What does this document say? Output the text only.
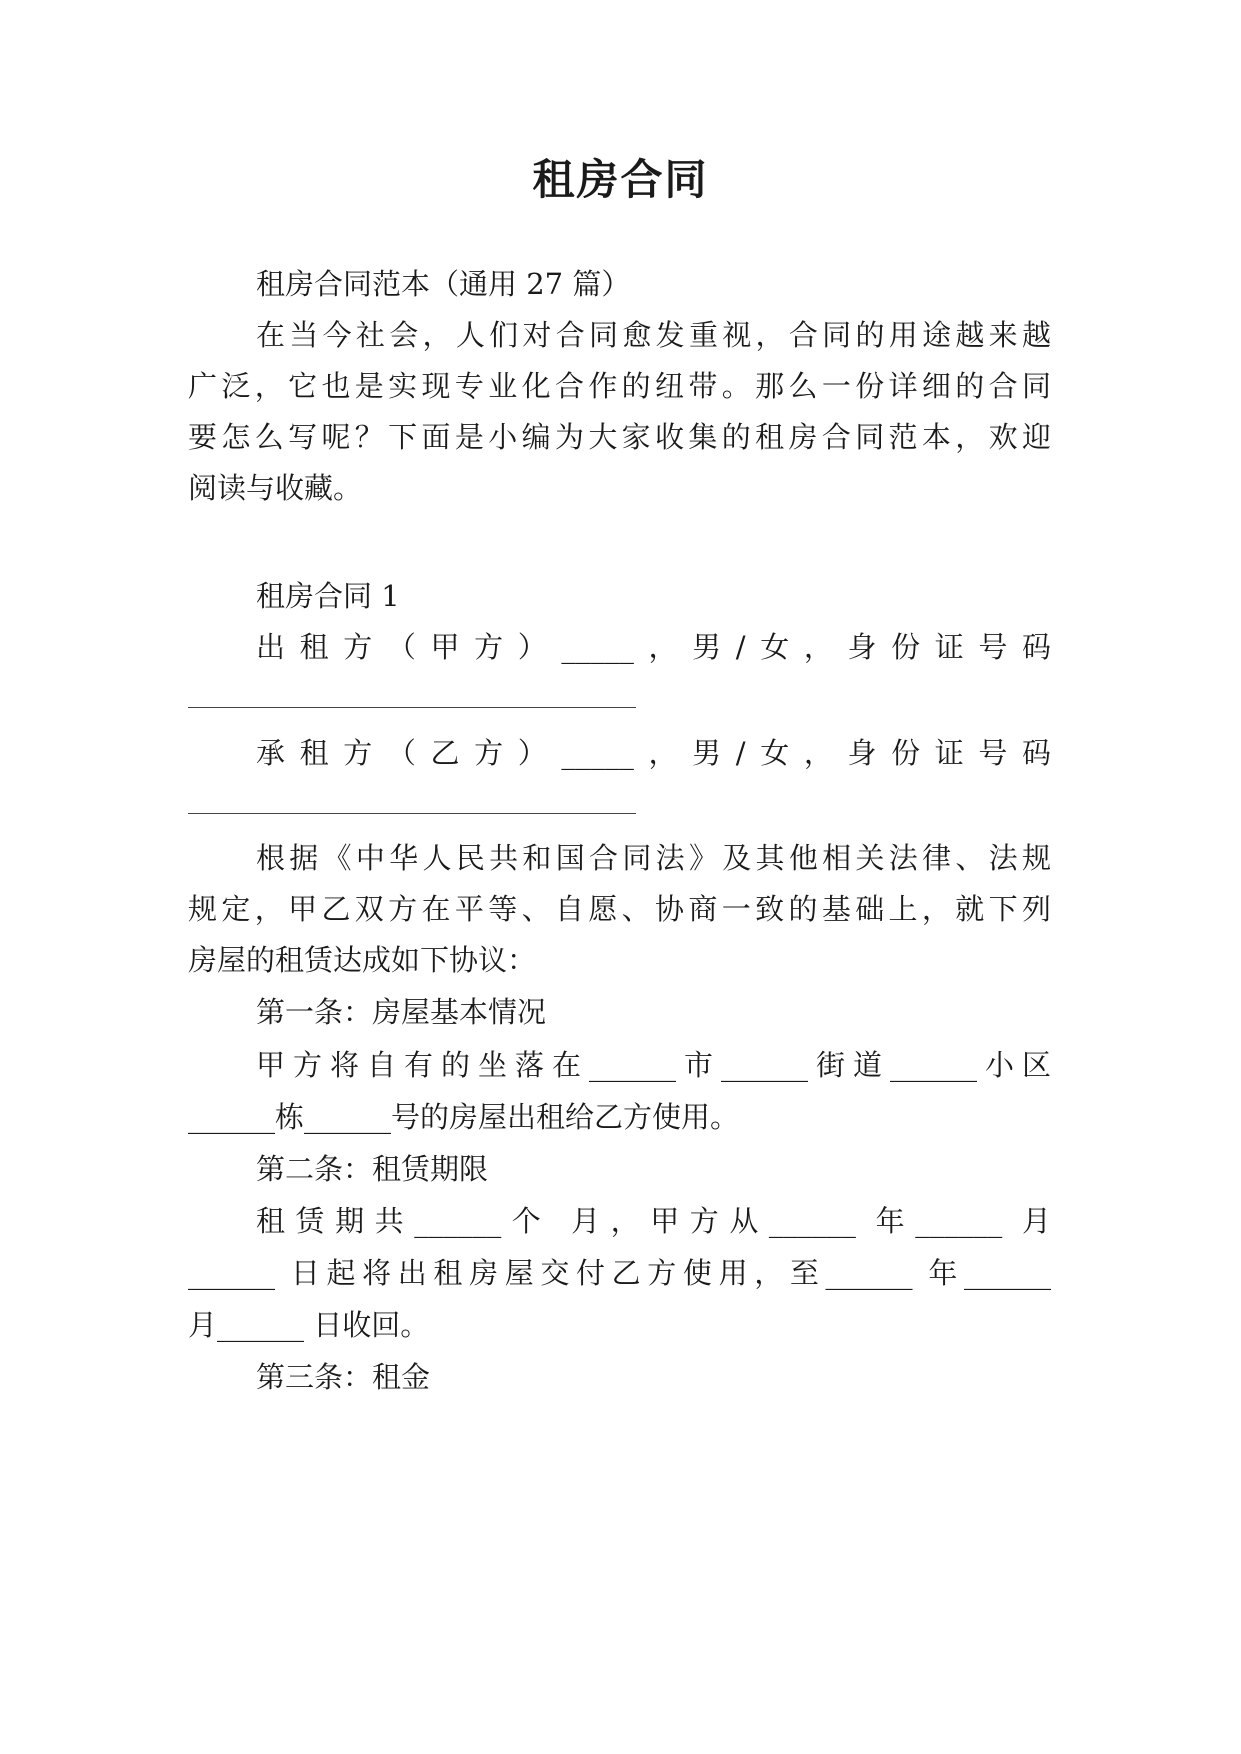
租房合同
租房合同范本（通用 27 篇）
在当今社会，人们对合同愈发重视，合同的用途越来越
广泛，它也是实现专业化合作的纽带。那么一份详细的合同
要怎么写呢？下面是小编为大家收集的租房合同范本，欢迎
阅读与收藏。
租房合同 1
出租方（甲方）_____，男/女，身份证号码
承租方（乙方）_____，男/女，身份证号码
根据《中华人民共和国合同法》及其他相关法律、法规
规定，甲乙双方在平等、自愿、协商一致的基础上，就下列
房屋的租赁达成如下协议：
第一条：房屋基本情况
甲方将自有的坐落在______市______街道______小区
______栋______号的房屋出租给乙方使用。
第二条：租赁期限
租赁期共______个 月，甲方从______ 年______ 月
______ 日起将出租房屋交付乙方使用，至______ 年______
月______ 日收回。
第三条：租金
